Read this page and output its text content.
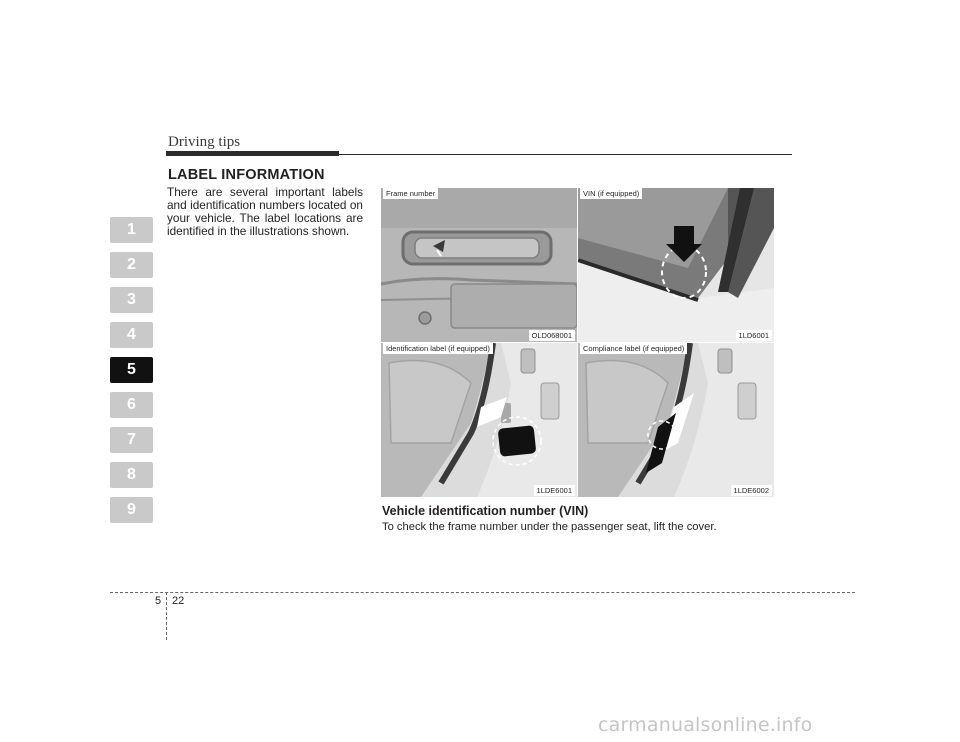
Driving tips
LABEL INFORMATION
There are several important labels and identification numbers located on your vehicle. The label locations are identified in the illustrations shown.
1
2
3
4
5
6
7
8
9
Frame number
OLD068001
VIN (if equipped)
1LD6001
Identification label (if equipped)
1LDE6001
Compliance label (if equipped)
1LDE6002
Vehicle identification number (VIN)
To check the frame number under the passenger seat, lift the cover.
5 22
carmanualsonline.info
